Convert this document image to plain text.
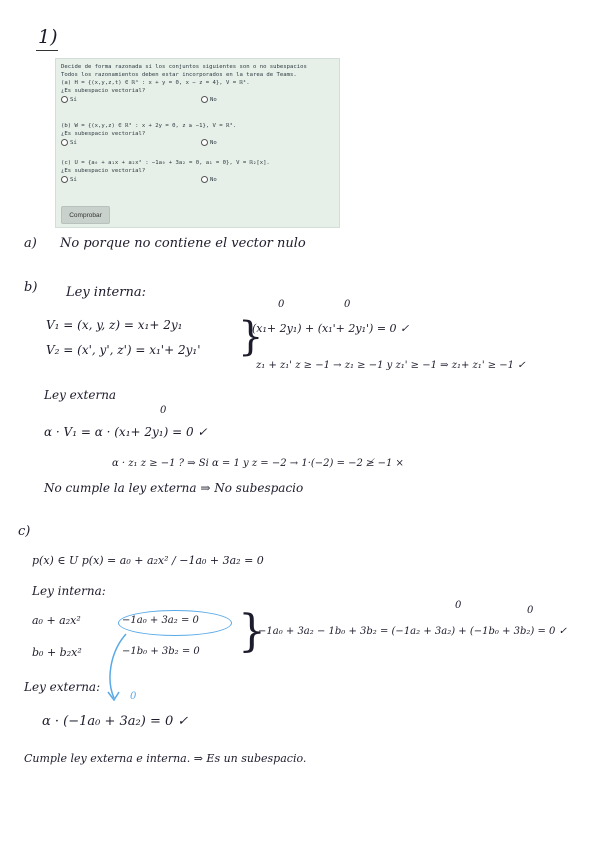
1)
Decide de forma razonada si los conjuntos siguientes son o no subespacios
Todos los razonamientos deben estar incorporados en la tarea de Teams.
(a) H = {(x,y,z,t) ∈ ℝ⁴ : x + y = 0, x − z = 4}, V = ℝ⁴.
¿Es subespacio vectorial?
Sí	No
(b) W = {(x,y,z) ∈ ℝ³ : x + 2y = 0, z ≥ −1}, V = ℝ³.
¿Es subespacio vectorial?
Sí	No
(c) U = {a₀ + a₁x + a₂x² : −1a₀ + 3a₂ = 0, a₁ = 0}, V = ℝ₂[x].
¿Es subespacio vectorial?
Sí	No
Comprobar
a) No porque no contiene el vector nulo
b) Ley interna:
0	0
V₁ = (x, y, z) = x₁+ 2y₁
V₂ = (x', y', z') = x₁'+ 2y₁' }
(x₁+ 2y₁) + (x₁'+ 2y₁') = 0 ✓
z₁ + z₁' z ≥ −1 → z₁ ≥ −1 y z₁' ≥ −1 ⇒ z₁+ z₁' ≥ −1 ✓
Ley externa
0
α · V₁ = α · (x₁+ 2y₁) = 0 ✓
α · z₁ z ≥ −1 ? ⇒ Si α = 1 y z = −2 → 1·(−2) = −2 ≱ −1 ×
No cumple la ley externa ⇒ No subespacio
c)
p(x) ∈ U p(x) = a₀ + a₂x² / −1a₀ + 3a₂ = 0
Ley interna:
a₀ + a₂x²
b₀ + b₂x²
−1a₀ + 3a₂ = 0
−1b₀ + 3b₂ = 0 }
0	0
−1a₀ + 3a₂ − 1b₀ + 3b₂ = (−1a₂ + 3a₂) + (−1b₀ + 3b₂) = 0 ✓
Ley externa:
0
α · (−1a₀ + 3a₂) = 0 ✓
Cumple ley externa e interna. ⇒ Es un subespacio.
